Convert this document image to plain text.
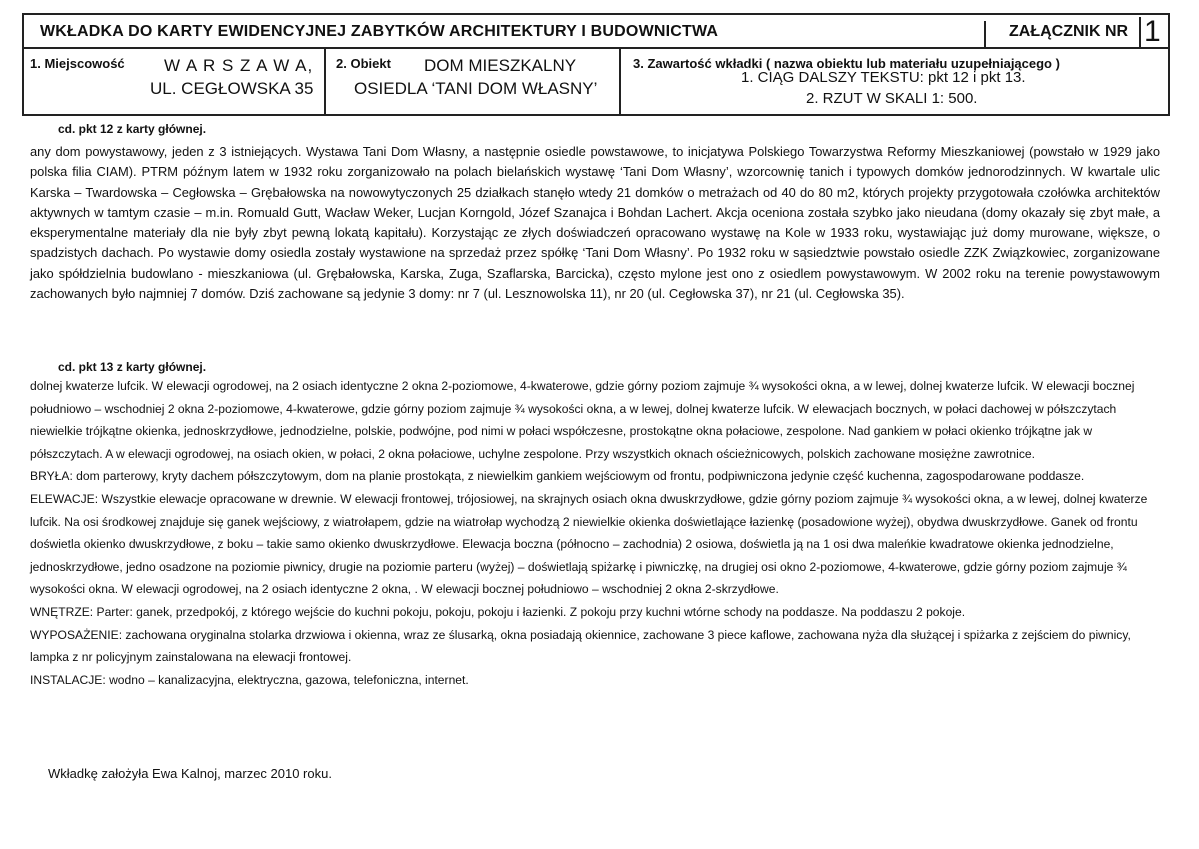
WKŁADKA DO KARTY EWIDENCYJNEJ ZABYTKÓW ARCHITEKTURY I BUDOWNICTWA	ZAŁĄCZNIK NR 1
1. Miejscowość W A R S Z A W A,
UL. CEGŁOWSKA 35
2. Obiekt DOM MIESZKALNY
OSIEDLA ‘TANI DOM WŁASNY’
3. Zawartość wkładki ( nazwa obiektu lub materiału uzupełniającego )
1. CIĄG DALSZY TEKSTU: pkt 12 i pkt 13.
2. RZUT W SKALI 1: 500.
cd. pkt 12 z karty głównej.
any dom powystawowy, jeden z 3 istniejących. Wystawa Tani Dom Własny, a następnie osiedle powstawowe, to inicjatywa Polskiego Towarzystwa Reformy Mieszkaniowej (powstało w 1929 jako polska filia CIAM). PTRM późnym latem w 1932 roku zorganizowało na polach bielańskich wystawę ‘Tani Dom Własny’, wzorcownię tanich i typowych domków jednorodzinnych. W kwartale ulic Karska – Twardowska – Cegłowska – Grębałowska na nowowytyczonych 25 działkach stanęło wtedy 21 domków o metrażach od 40 do 80 m2, których projekty przygotowała czołówka architektów aktywnych w tamtym czasie – m.in. Romuald Gutt, Wacław Weker, Lucjan Korngold, Józef Szanajca i Bohdan Lachert. Akcja oceniona została szybko jako nieudana (domy okazały się zbyt małe, a eksperymentalne materiały dla nie były zbyt pewną lokatą kapitału). Korzystając ze złych doświadczeń opracowano wystawę na Kole w 1933 roku, wystawiając już domy murowane, większe, o spadzistych dachach. Po wystawie domy osiedla zostały wystawione na sprzedaż przez spółkę ‘Tani Dom Własny’. Po 1932 roku w sąsiedztwie powstało osiedle ZZK Związkowiec, zorganizowane jako spółdzielnia budowlano - mieszkaniowa (ul. Grębałowska, Karska, Zuga, Szaflarska, Barcicka), często mylone jest ono z osiedlem powystawowym. W 2002 roku na terenie powystawowym zachowanych było najmniej 7 domów. Dziś zachowane są jedynie 3 domy: nr 7 (ul. Lesznowolska 11), nr 20 (ul. Cegłowska 37), nr 21 (ul. Cegłowska 35).
cd. pkt 13 z karty głównej.

dolnej kwaterze lufcik. W elewacji ogrodowej, na 2 osiach identyczne 2 okna 2-poziomowe, 4-kwaterowe, gdzie górny poziom zajmuje ¾ wysokości okna, a w lewej, dolnej kwaterze lufcik. W elewacji bocznej południowo – wschodniej 2 okna 2-poziomowe, 4-kwaterowe, gdzie górny poziom zajmuje ¾ wysokości okna, a w lewej, dolnej kwaterze lufcik. W elewacjach bocznych, w połaci dachowej w półszczytach niewielkie trójkątne okienka, jednoskrzydłowe, jednodzielne, polskie, podwójne, pod nimi w połaci współczesne, prostokątne okna połaciowe, zespolone. Nad gankiem w połaci okienko trójkątne jak w półszczytach. A w elewacji ogrodowej, na osiach okien, w połaci, 2 okna połaciowe, uchylne zespolone. Przy wszystkich oknach ościeżnicowych, polskich zachowane mosiężne zawrotnice.

BRYŁA: dom parterowy, kryty dachem półszczytowym, dom na planie prostokąta, z niewielkim gankiem wejściowym od frontu, podpiwniczona jedynie część kuchenna, zagospodarowane poddasze.

ELEWACJE: Wszystkie elewacje opracowane w drewnie. W elewacji frontowej, trójosiowej, na skrajnych osiach okna dwuskrzydłowe, gdzie górny poziom zajmuje ¾ wysokości okna, a w lewej, dolnej kwaterze lufcik. Na osi środkowej znajduje się ganek wejściowy, z wiatrołapem, gdzie na wiatrołap wychodzą 2 niewielkie okienka doświetlające łazienkę (posadowione wyżej), obydwa dwuskrzydłowe. Ganek od frontu doświetla okienko dwuskrzydłowe, z boku – takie samo okienko dwuskrzydłowe. Elewacja boczna (północno – zachodnia) 2 osiowa, doświetla ją na 1 osi dwa maleńkie kwadratowe okienka jednodzielne, jednoskrzydłowe, jedno osadzone na poziomie piwnicy, drugie na poziomie parteru (wyżej) – doświetlają spiżarkę i piwniczkę, na drugiej osi okno 2-poziomowe, 4-kwaterowe, gdzie górny poziom zajmuje ¾ wysokości okna. W elewacji ogrodowej, na 2 osiach identyczne 2 okna, . W elewacji bocznej południowo – wschodniej 2 okna 2-skrzydłowe.

WNĘTRZE: Parter: ganek, przedpokój, z którego wejście do kuchni pokoju, pokoju, pokoju i łazienki. Z pokoju przy kuchni wtórne schody na poddasze. Na poddaszu 2 pokoje.

WYPOSAŻENIE: zachowana oryginalna stolarka drzwiowa i okienna, wraz ze ślusarką, okna posiadają okiennice, zachowane 3 piece kaflowe, zachowana nyża dla służącej i spiżarka z zejściem do piwnicy, lampka z nr policyjnym zainstalowana na elewacji frontowej.

INSTALACJE: wodno – kanalizacyjna, elektryczna, gazowa, telefoniczna, internet.

Wkładkę założyła Ewa Kalnoj, marzec 2010 roku.
